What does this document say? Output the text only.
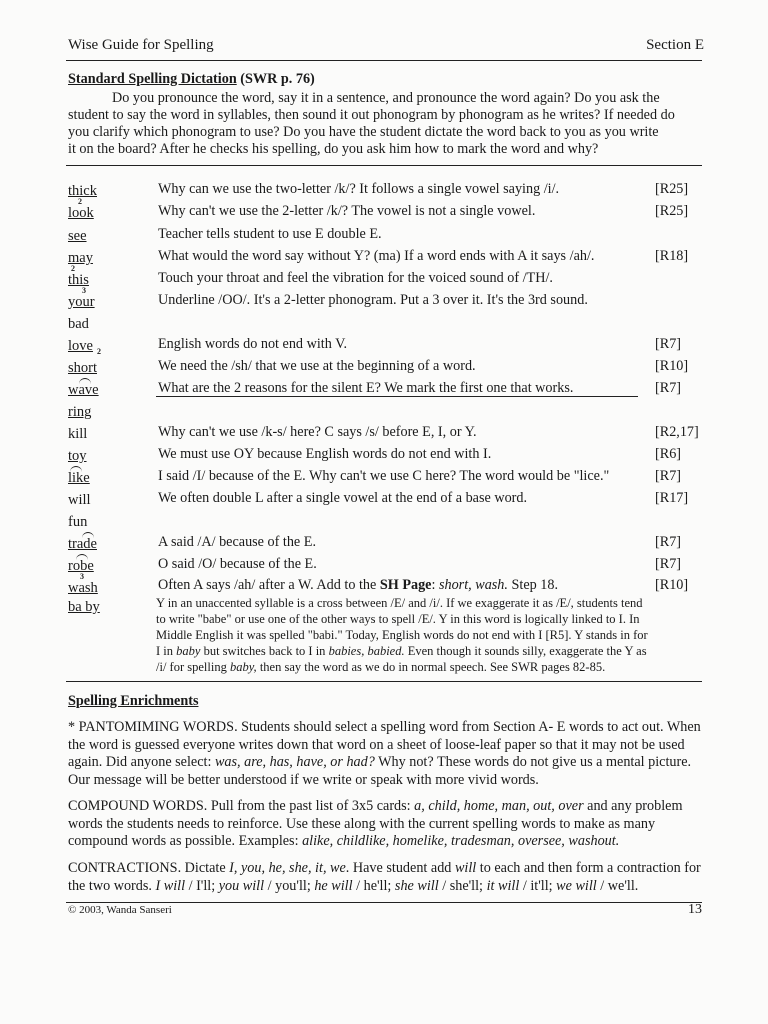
Wise Guide for Spelling	Section E
Standard Spelling Dictation (SWR p. 76)
Do you pronounce the word, say it in a sentence, and pronounce the word again? Do you ask the
student to say the word in syllables, then sound it out phonogram by phonogram as he writes? If needed do
you clarify which phonogram to use? Do you have the student dictate the word back to you as you write
it on the board? After he checks his spelling, do you ask him how to mark the word and why?
thick	Why can we use the two-letter /k/? It follows a single vowel saying /i/.	[R25]
2
look	Why can't we use the 2-letter /k/? The vowel is not a single vowel.	[R25]
see	Teacher tells student to use E double E.
may	What would the word say without Y? (ma) If a word ends with A it says /ah/.	[R18]
2
this	Touch your throat and feel the vibration for the voiced sound of /TH/.
3
your	Underline /OO/. It's a 2-letter phonogram. Put a 3 over it. It's the 3rd sound.
bad
love 2	English words do not end with V.	[R7]
short	We need the /sh/ that we use at the beginning of a word.	[R10]
wave	What are the 2 reasons for the silent E? We mark the first one that works.	[R7]
ring
kill	Why can't we use /k-s/ here? C says /s/ before E, I, or Y.	[R2,17]
toy	We must use OY because English words do not end with I.	[R6]
like	I said /I/ because of the E. Why can't we use C here? The word would be "lice."	[R7]
will	We often double L after a single vowel at the end of a base word.	[R17]
fun
trade	A said /A/ because of the E.	[R7]
robe	O said /O/ because of the E.	[R7]
3
wash	Often A says /ah/ after a W. Add to the SH Page: short, wash. Step 18.	[R10]
ba by	Y in an unaccented syllable is a cross between /E/ and /i/. If we exaggerate it as /E/, students tend
to write "babe" or use one of the other ways to spell /E/. Y in this word is logically linked to I. In
Middle English it was spelled "babi." Today, English words do not end with I [R5]. Y stands in for
I in baby but switches back to I in babies, babied. Even though it sounds silly, exaggerate the Y as
/i/ for spelling baby, then say the word as we do in normal speech. See SWR pages 82-85.
Spelling Enrichments
* PANTOMIMING WORDS. Students should select a spelling word from Section A- E words to act out. When the word is guessed everyone writes down that word on a sheet of loose-leaf paper so that it may not be used again. Did anyone select: was, are, has, have, or had? Why not? These words do not give us a mental picture. Our message will be better understood if we write or speak with more vivid words.
COMPOUND WORDS. Pull from the past list of 3x5 cards: a, child, home, man, out, over and any problem words the students needs to reinforce. Use these along with the current spelling words to make as many compound words as possible. Examples: alike, childlike, homelike, tradesman, oversee, washout.
CONTRACTIONS. Dictate I, you, he, she, it, we. Have student add will to each and then form a contraction for the two words. I will / I'll; you will / you'll; he will / he'll; she will / she'll; it will / it'll; we will / we'll.
© 2003, Wanda Sanseri	13
